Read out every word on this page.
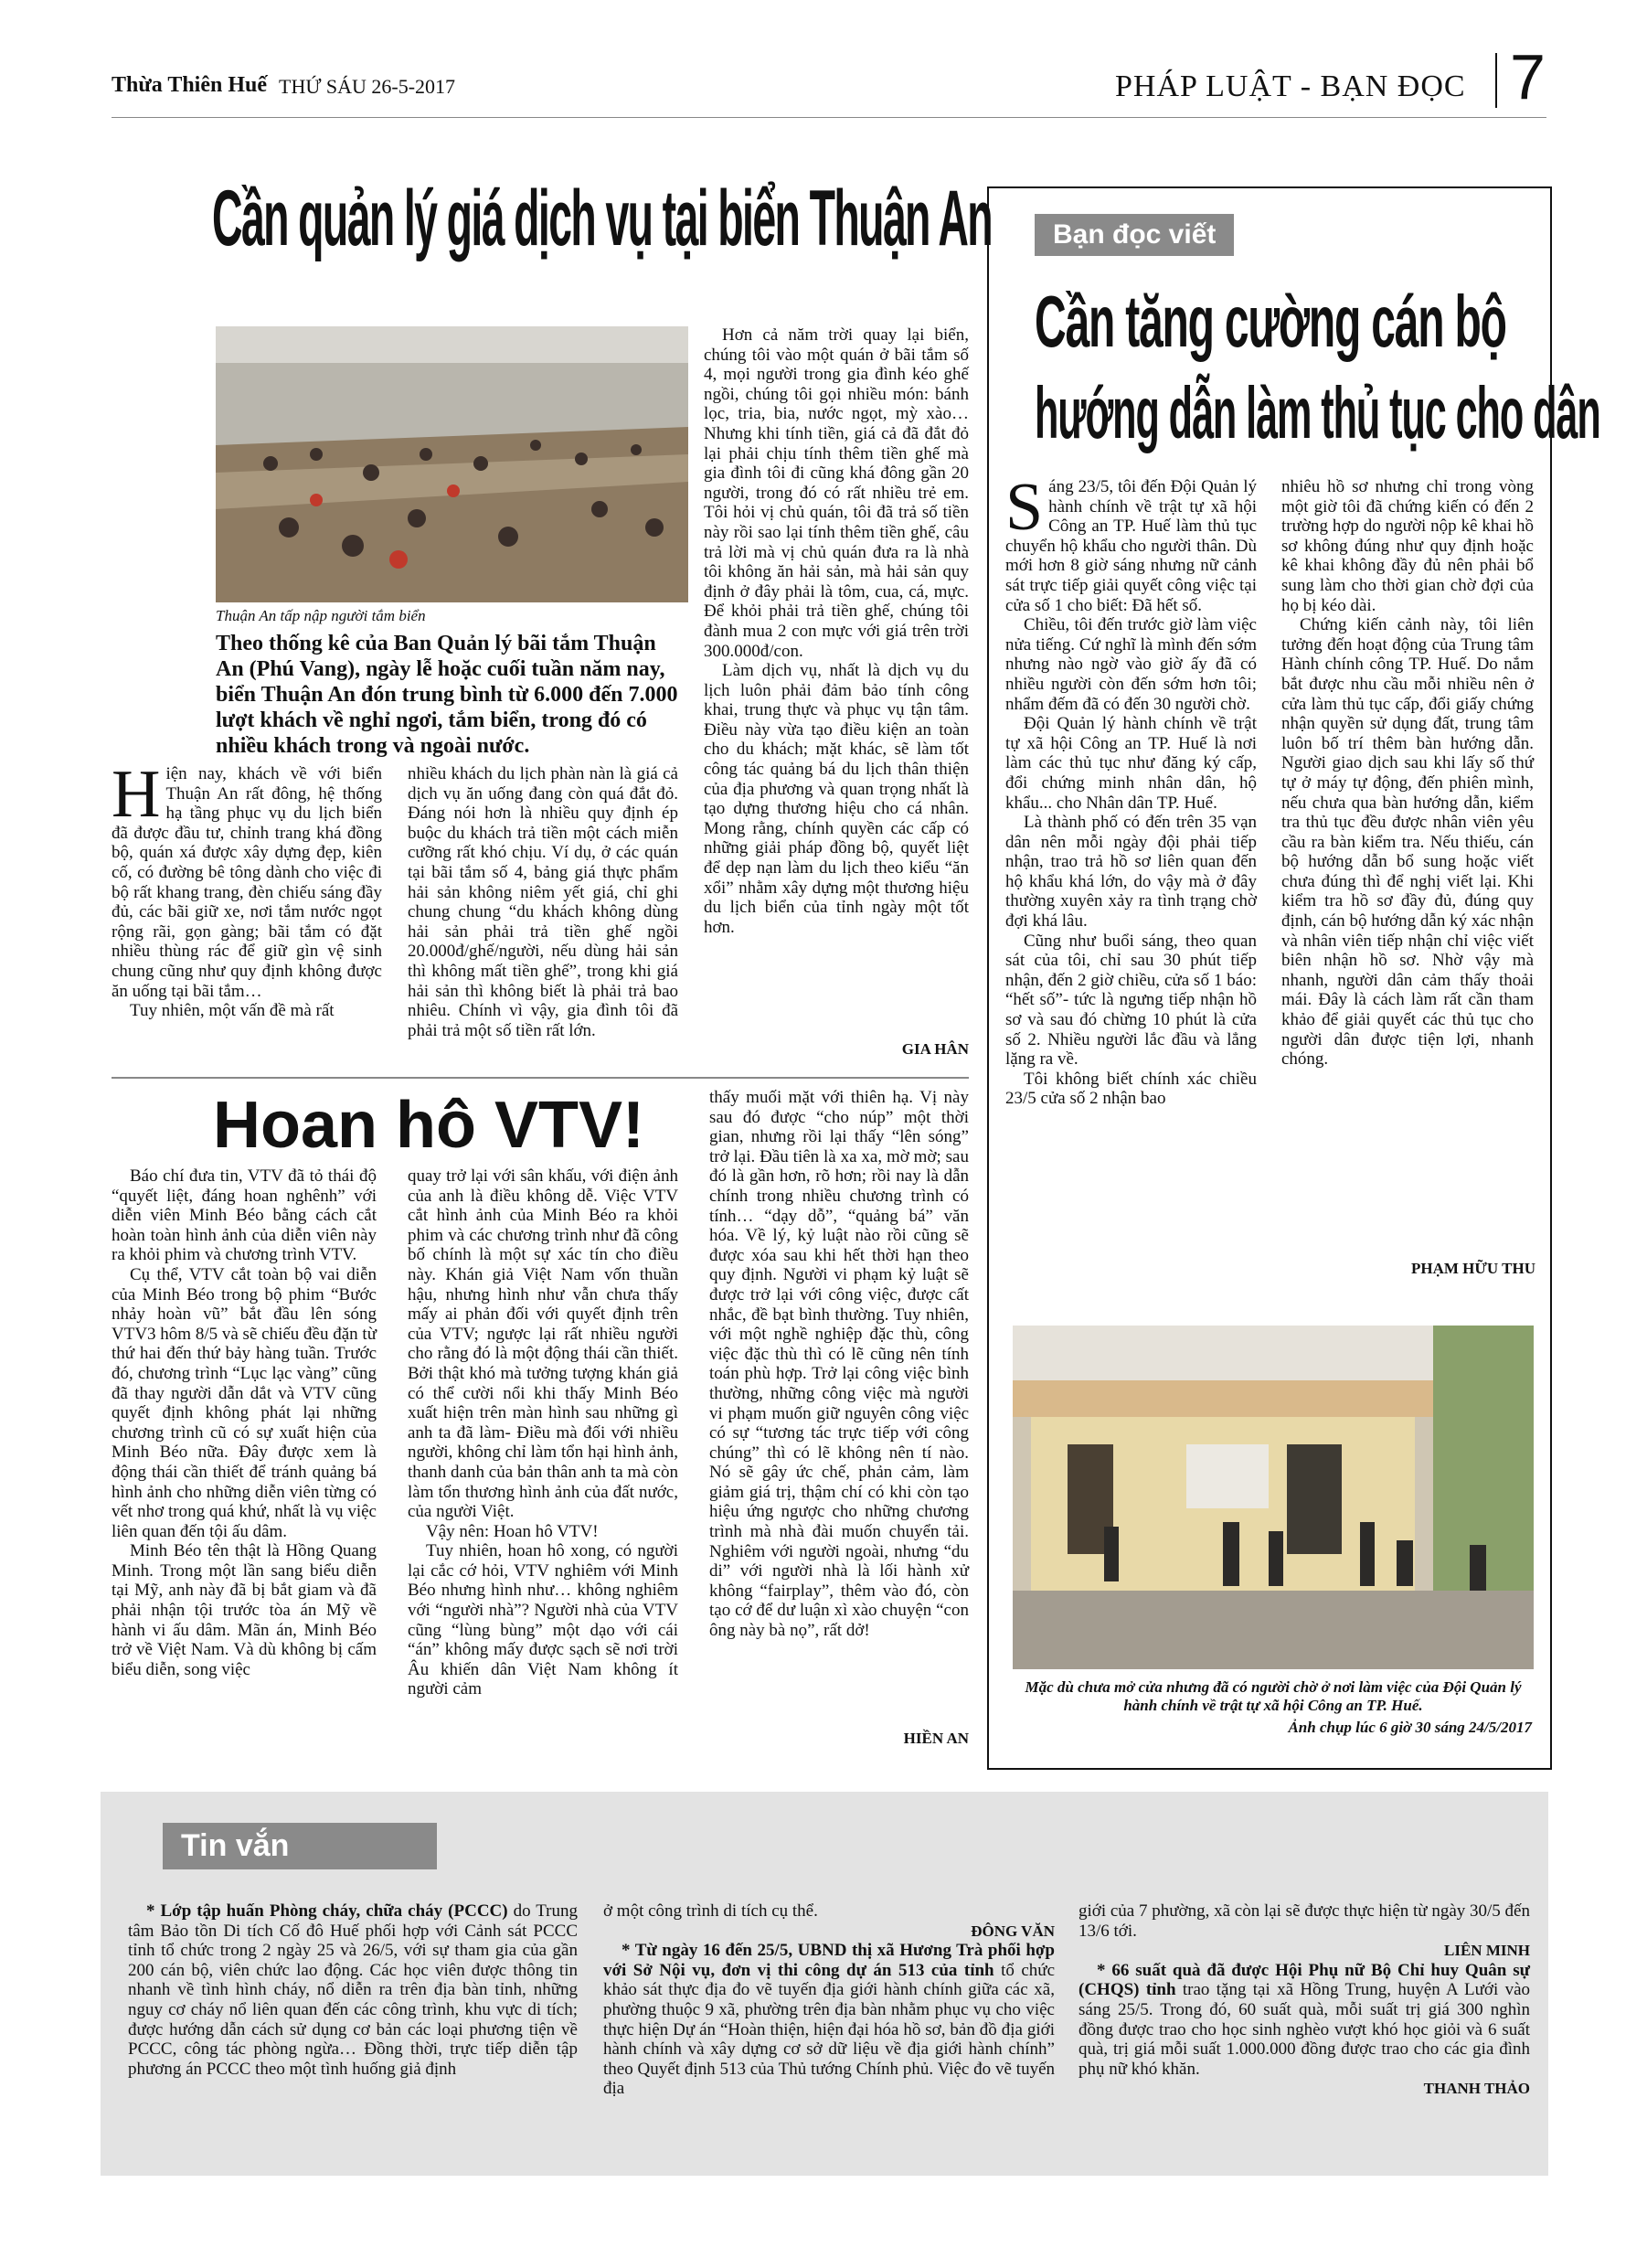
Thừa Thiên Huế THỨ SÁU 26-5-2017	PHÁP LUẬT - BẠN ĐỌC 7
Cần quản lý giá dịch vụ tại biển Thuận An
Thuận An tấp nập người tắm biển
Theo thống kê của Ban Quản lý bãi tắm Thuận An (Phú Vang), ngày lễ hoặc cuối tuần năm nay, biển Thuận An đón trung bình từ 6.000 đến 7.000 lượt khách về nghỉ ngơi, tắm biển, trong đó có nhiều khách trong và ngoài nước.
H iện nay, khách về với biển Thuận An rất đông, hệ thống hạ tầng phục vụ du lịch biển đã được đầu tư, chỉnh trang khá đồng bộ, quán xá được xây dựng đẹp, kiên cố, có đường bê tông dành cho việc đi bộ rất khang trang, đèn chiếu sáng đầy đủ, các bãi giữ xe, nơi tắm nước ngọt rộng rãi, gọn gàng; bãi tắm có đặt nhiều thùng rác để giữ gìn vệ sinh chung cũng như quy định không được ăn uống tại bãi tắm…

Tuy nhiên, một vấn đề mà rất

nhiều khách du lịch phàn nàn là giá cả dịch vụ ăn uống đang còn quá đắt đỏ. Đáng nói hơn là nhiều quy định ép buộc du khách trả tiền một cách miễn cưỡng rất khó chịu. Ví dụ, ở các quán tại bãi tắm số 4, bảng giá thực phẩm hải sản không niêm yết giá, chỉ ghi chung chung “du khách không dùng hải sản phải trả tiền ghế ngồi 20.000đ/ghế/người, nếu dùng hải sản thì không mất tiền ghế”, trong khi giá hải sản thì không biết là phải trả bao nhiêu. Chính vì vậy, gia đình tôi đã phải trả một số tiền rất lớn.

Hơn cả năm trời quay lại biển, chúng tôi vào một quán ở bãi tắm số 4, mọi người trong gia đình kéo ghế ngồi, chúng tôi gọi nhiều món: bánh lọc, tria, bia, nước ngọt, mỳ xào… Nhưng khi tính tiền, giá cả đã đắt đỏ lại phải chịu tính thêm tiền ghế mà gia đình tôi đi cũng khá đông gần 20 người, trong đó có rất nhiều trẻ em. Tôi hỏi vị chủ quán, tôi đã trả số tiền này rồi sao lại tính thêm tiền ghế, câu trả lời mà vị chủ quán đưa ra là nhà tôi không ăn hải sản, mà hải sản quy định ở đây phải là tôm, cua, cá, mực. Để khỏi phải trả tiền ghế, chúng tôi đành mua 2 con mực với giá trên trời 300.000đ/con.

Làm dịch vụ, nhất là dịch vụ du lịch luôn phải đảm bảo tính công khai, trung thực và phục vụ tận tâm. Điều này vừa tạo điều kiện an toàn cho du khách; mặt khác, sẽ làm tốt công tác quảng bá du lịch thân thiện của địa phương và quan trọng nhất là tạo dựng thương hiệu cho cá nhân. Mong rằng, chính quyền các cấp có những giải pháp đồng bộ, quyết liệt để dẹp nạn làm du lịch theo kiểu “ăn xổi” nhằm xây dựng một thương hiệu du lịch biển của tỉnh ngày một tốt hơn.

GIA HÂN
Hoan hô VTV!

Báo chí đưa tin, VTV đã tỏ thái độ “quyết liệt, đáng hoan nghênh” với diễn viên Minh Béo bằng cách cắt hoàn toàn hình ảnh của diễn viên này ra khỏi phim và chương trình VTV.

Cụ thể, VTV cắt toàn bộ vai diễn của Minh Béo trong bộ phim “Bước nhảy hoàn vũ” bắt đầu lên sóng VTV3 hôm 8/5 và sẽ chiếu đều đặn từ thứ hai đến thứ bảy hàng tuần. Trước đó, chương trình “Lục lạc vàng” cũng đã thay người dẫn dắt và VTV cũng quyết định không phát lại những chương trình cũ có sự xuất hiện của Minh Béo nữa. Đây được xem là động thái cần thiết để tránh quảng bá hình ảnh cho những diễn viên từng có vết nhơ trong quá khứ, nhất là vụ việc liên quan đến tội ấu dâm.

Minh Béo tên thật là Hồng Quang Minh. Trong một lần sang biểu diễn tại Mỹ, anh này đã bị bắt giam và đã phải nhận tội trước tòa án Mỹ về hành vi ấu dâm. Mãn án, Minh Béo trở về Việt Nam. Và dù không bị cấm biểu diễn, song việc

quay trở lại với sân khấu, với điện ảnh của anh là điều không dễ. Việc VTV cắt hình ảnh của Minh Béo ra khỏi phim và các chương trình như đã công bố chính là một sự xác tín cho điều này. Khán giả Việt Nam vốn thuần hậu, nhưng hình như vẫn chưa thấy mấy ai phản đối với quyết định trên của VTV; ngược lại rất nhiều người cho rằng đó là một động thái cần thiết. Bởi thật khó mà tưởng tượng khán giả có thể cười nổi khi thấy Minh Béo xuất hiện trên màn hình sau những gì anh ta đã làm- Điều mà đối với nhiều người, không chỉ làm tổn hại hình ảnh, thanh danh của bản thân anh ta mà còn làm tổn thương hình ảnh của đất nước, của người Việt.

Vậy nên: Hoan hô VTV!

Tuy nhiên, hoan hô xong, có người lại cắc cớ hỏi, VTV nghiêm với Minh Béo nhưng hình như… không nghiêm với “người nhà”? Người nhà của VTV cũng “lùng bùng” một dạo với cái “án” không mấy được sạch sẽ nơi trời Âu khiến dân Việt Nam không ít người cảm

thấy muối mặt với thiên hạ. Vị này sau đó được “cho núp” một thời gian, nhưng rồi lại thấy “lên sóng” trở lại. Đầu tiên là xa xa, mờ mờ; sau đó là gần hơn, rõ hơn; rồi nay là dẫn chính trong nhiều chương trình có tính… “dạy dỗ”, “quảng bá” văn hóa. Về lý, kỷ luật nào rồi cũng sẽ được xóa sau khi hết thời hạn theo quy định. Người vi phạm kỷ luật sẽ được trở lại với công việc, được cất nhắc, đề bạt bình thường. Tuy nhiên, với một nghề nghiệp đặc thù, công việc đặc thù thì có lẽ cũng nên tính toán phù hợp. Trở lại công việc bình thường, những công việc mà người vi phạm muốn giữ nguyên công việc có sự “tương tác trực tiếp với công chúng” thì có lẽ không nên tí nào. Nó sẽ gây ức chế, phản cảm, làm giảm giá trị, thậm chí có khi còn tạo hiệu ứng ngược cho những chương trình mà nhà đài muốn chuyển tải. Nghiêm với người ngoài, nhưng “du di” với người nhà là lối hành xử không “fairplay”, thêm vào đó, còn tạo cớ để dư luận xì xào chuyện “con ông này bà nọ”, rất dở!

HIỀN AN
Bạn đọc viết
Cần tăng cường cán bộ
hướng dẫn làm thủ tục cho dân
S áng 23/5, tôi đến Đội Quản lý hành chính về trật tự xã hội Công an TP. Huế làm thủ tục chuyển hộ khẩu cho người thân. Dù mới hơn 8 giờ sáng nhưng nữ cảnh sát trực tiếp giải quyết công việc tại cửa số 1 cho biết: Đã hết số.

Chiều, tôi đến trước giờ làm việc nửa tiếng. Cứ nghĩ là mình đến sớm nhưng nào ngờ vào giờ ấy đã có nhiều người còn đến sớm hơn tôi; nhẩm đếm đã có đến 30 người chờ.

Đội Quản lý hành chính về trật tự xã hội Công an TP. Huế là nơi làm các thủ tục như đăng ký cấp, đổi chứng minh nhân dân, hộ khẩu... cho Nhân dân TP. Huế.

Là thành phố có đến trên 35 vạn dân nên mỗi ngày đội phải tiếp nhận, trao trả hồ sơ liên quan đến hộ khẩu khá lớn, do vậy mà ở đây thường xuyên xảy ra tình trạng chờ đợi khá lâu.

Cũng như buổi sáng, theo quan sát của tôi, chỉ sau 30 phút tiếp nhận, đến 2 giờ chiều, cửa số 1 báo: “hết số”- tức là ngưng tiếp nhận hồ sơ và sau đó chừng 10 phút là cửa số 2. Nhiều người lắc đầu và lẳng lặng ra về.

Tôi không biết chính xác chiều 23/5 cửa số 2 nhận bao

nhiêu hồ sơ nhưng chỉ trong vòng một giờ tôi đã chứng kiến có đến 2 trường hợp do người nộp kê khai hồ sơ không đúng như quy định hoặc kê khai không đầy đủ nên phải bổ sung làm cho thời gian chờ đợi của họ bị kéo dài.

Chứng kiến cảnh này, tôi liên tưởng đến hoạt động của Trung tâm Hành chính công TP. Huế. Do nắm bắt được nhu cầu mỗi nhiều nên ở cửa làm thủ tục cấp, đổi giấy chứng nhận quyền sử dụng đất, trung tâm luôn bố trí thêm bàn hướng dẫn. Người giao dịch sau khi lấy số thứ tự ở máy tự động, đến phiên mình, nếu chưa qua bàn hướng dẫn, kiểm tra thủ tục đều được nhân viên yêu cầu ra bàn kiểm tra. Nếu thiếu, cán bộ hướng dẫn bổ sung hoặc viết chưa đúng thì để nghị viết lại. Khi kiểm tra hồ sơ đầy đủ, đúng quy định, cán bộ hướng dẫn ký xác nhận và nhân viên tiếp nhận chỉ việc viết biên nhận hồ sơ. Nhờ vậy mà nhanh, người dân cảm thấy thoải mái. Đây là cách làm rất cần tham khảo để giải quyết các thủ tục cho người dân được tiện lợi, nhanh chóng.

PHẠM HỮU THU
Mặc dù chưa mở cửa nhưng đã có người chờ ở nơi làm việc của Đội Quản lý hành chính về trật tự xã hội Công an TP. Huế.
Ảnh chụp lúc 6 giờ 30 sáng 24/5/2017
Tin vắn

* Lớp tập huấn Phòng cháy, chữa cháy (PCCC) do Trung tâm Bảo tồn Di tích Cố đô Huế phối hợp với Cảnh sát PCCC tỉnh tổ chức trong 2 ngày 25 và 26/5, với sự tham gia của gần 200 cán bộ, viên chức lao động. Các học viên được thông tin nhanh về tình hình cháy, nổ diễn ra trên địa bàn tỉnh, những nguy cơ cháy nổ liên quan đến các công trình, khu vực di tích; được hướng dẫn cách sử dụng cơ bản các loại phương tiện về PCCC, công tác phòng ngừa… Đồng thời, trực tiếp diễn tập phương án PCCC theo một tình huống giả định

ở một công trình di tích cụ thể.

ĐÔNG VĂN

* Từ ngày 16 đến 25/5, UBND thị xã Hương Trà phối hợp với Sở Nội vụ, đơn vị thi công dự án 513 của tỉnh tổ chức khảo sát thực địa đo vẽ tuyến địa giới hành chính giữa các xã, phường thuộc 9 xã, phường trên địa bàn nhằm phục vụ cho việc thực hiện Dự án “Hoàn thiện, hiện đại hóa hồ sơ, bản đồ địa giới hành chính và xây dựng cơ sở dữ liệu về địa giới hành chính” theo Quyết định 513 của Thủ tướng Chính phủ. Việc đo vẽ tuyến địa

giới của 7 phường, xã còn lại sẽ được thực hiện từ ngày 30/5 đến 13/6 tới.

LIÊN MINH

* 66 suất quà đã được Hội Phụ nữ Bộ Chỉ huy Quân sự (CHQS) tỉnh trao tặng tại xã Hồng Trung, huyện A Lưới vào sáng 25/5. Trong đó, 60 suất quà, mỗi suất trị giá 300 nghìn đồng được trao cho học sinh nghèo vượt khó học giỏi và 6 suất quà, trị giá mỗi suất 1.000.000 đồng được trao cho các gia đình phụ nữ khó khăn.

THANH THẢO
